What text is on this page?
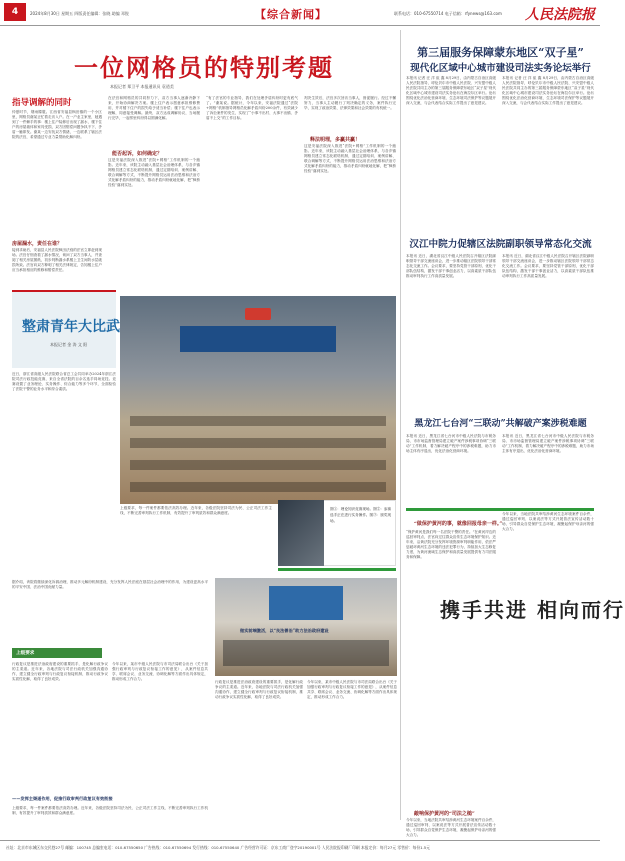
4	2024年8月30日 星期五 四版责任编辑：张晓 助编 邓锐	【综合新闻】	联系电话：010-67550714 电子信箱：rfynews@163.com 人民法院报
一位网格员的特别考题
本报记者 郑卫平 本报通讯员 袁道美
指导调解的同时
仲夏时节，烟雨朦胧。江西省安福县枫田镇的一个小区里，网格员谢某正忙着走访入户。在一户业主家里，她遇到了一件棘手的事：楼上住户装修后出现了漏水，楼下住户的房屋墙体和家具受损，双方因赔偿问题争执不下，矛盾一触即发。谢某一边安抚双方情绪，一边联系了辖区法院的法官，希望通过专业力量帮助化解纠纷。
房屋漏水，责任在谁？
接到求助后，安福县人民法院枫田法庭的法官立即赶到现场。法官仔细查看了漏水情况，询问了双方当事人，并查阅了相关房屋图纸，初步判断漏水系楼上卫生间防水层破损所致。法官向双方释明了相关法律规定，告知楼上住户应当承担相应的维修和赔偿责任。
在法官和网格员的共同努力下，双方当事人逐渐冷静下来，开始协商解决方案。楼上住户表示愿意承担维修费用，并对楼下住户的损失给予适当补偿；楼下住户也表示理解，同意接受调解。最终，双方达成调解协议，当场履行完毕，一起邻里纠纷得以圆满化解。
能否起诉，如何确定？
这是安福法院深入推进“法院+网格”工作机制的一个缩影。近年来，该院主动融入基层社会治理体系，与各乡镇网格员建立常态化联络机制，通过定期培训、案例讲解、联合调解等方式，不断提升网格员运用法治思维和法治方式化解矛盾纠纷的能力，推动矛盾纠纷就地化解，把“枫桥经验”落到实处。
“有了法官的专业指导，我们在处理矛盾纠纷时更有底气了。”谢某说。据统计，今年以来，安福法院通过“法院+网格”机制指导网格员化解矛盾纠纷200余件，有效减少了诉讼案件的发生，实现了“小事不出村、大事不出镇、矛盾不上交”的工作目标。
判决生效后，法官多次回访当事人，督促履行。经过不懈努力，当事人主动履行了判决确定的义务，案件执行完毕，实现了政治效果、法律效果和社会效果的有机统一。
释法明理，多赢共赢！
这是安福法院深入推进“法院+网格”工作机制的一个缩影。近年来，该院主动融入基层社会治理体系，与各乡镇网格员建立常态化联络机制，通过定期培训、案例讲解、联合调解等方式，不断提升网格员运用法治思维和法治方式化解矛盾纠纷的能力，推动矛盾纠纷就地化解，把“枫桥经验”落到实处。
整肃青年大比武
本报记者 金 涛 文 阳
近日，浙江省高级人民法院联合省总工会共同举办2024年浙江法院司法行政技能竞赛，来自全省法院的百余名选手同场竞技。竞赛设置了业务理论、实务操作、综合能力等多个环节，全面检验了法院干警的业务水平和综合素质。
上级要求，每一件案件都要依法高效办理。近年来，各级法院坚持司法为民、公正司法工作主线，不断完善审判执行工作机制，有效提升了审判质效和群众满意度。
图①：理论知识竞赛现场。图②：参赛选手正在进行实务操作。图③：颁奖现场。
上级要求
据介绍，该院将继续深化诉源治理，推动多元解纷机制建设，充分发挥人民法庭在基层社会治理中的作用，为建设更高水平的平安中国、法治中国贡献力量。
行政复议是推进法治政府建设的重要抓手，是化解行政争议的主渠道。近年来，各地法院与司法行政机关加强沟通协作，建立健全行政审判与行政复议衔接机制，推动行政争议实质性化解，取得了良好成效。
今年以来，某市中级人民法院与市司法局联合出台《关于加强行政审判与行政复议衔接工作的意见》，从案件信息共享、联席会议、业务交流、协调化解等方面作出具体规定，推动形成工作合力。
携手共进 相向而行
——发挥主渠道作用，促推行政审判行政复议有效衔接
做实前端激活，以“良法善治”助力法治政府建设
行政复议是推进法治政府建设的重要抓手，是化解行政争议的主渠道。近年来，各地法院与司法行政机关加强沟通协作，建立健全行政审判与行政复议衔接机制，推动行政争议实质性化解，取得了良好成效。
今年以来，某市中级人民法院与市司法局联合出台《关于加强行政审判与行政复议衔接工作的意见》，从案件信息共享、联席会议、业务交流、协调化解等方面作出具体规定，推动形成工作合力。
上级要求，每一件案件都要依法高效办理。近年来，各级法院坚持司法为民、公正司法工作主线，不断完善审判执行工作机制，有效提升了审判质效和群众满意度。
第三届服务保障蒙东地区“双子星”
现代化区域中心城市建设司法实务论坛举行
本报讯 记者 汪 洋 崔 鑫 8月29日，由内蒙古自治区高级人民法院指导，呼伦贝尔市中级人民法院、兴安盟中级人民法院共同主办的第三届服务保障蒙东地区“双子星”现代化区域中心城市建设司法实务论坛在海拉尔区举行。论坛围绕优化法治化营商环境、生态环境司法保护等议题展开深入交流，与会代表结合实际工作提出了意见建议。
本报讯 记者 汪 洋 崔 鑫 8月29日，由内蒙古自治区高级人民法院指导，呼伦贝尔市中级人民法院、兴安盟中级人民法院共同主办的第三届服务保障蒙东地区“双子星”现代化区域中心城市建设司法实务论坛在海拉尔区举行。论坛围绕优化法治化营商环境、生态环境司法保护等议题展开深入交流，与会代表结合实际工作提出了意见建议。
汉江中院力促辖区法院副职领导常态化交流
本报讯 近日，湖北省汉江中级人民法院召开辖区法院副职领导干部交流座谈会，进一步推动辖区法院领导干部常态化交流工作。会议要求，要坚持党管干部原则，优化干部队伍结构，激发干部干事创业活力，以高素质干部队伍推动审判执行工作高质量发展。
本报讯 近日，湖北省汉江中级人民法院召开辖区法院副职领导干部交流座谈会，进一步推动辖区法院领导干部常态化交流工作。会议要求，要坚持党管干部原则，优化干部队伍结构，激发干部干事创业活力，以高素质干部队伍推动审判执行工作高质量发展。
黑龙江七台河“三联动”共解破产案涉税难题
本报讯 近日，黑龙江省七台河市中级人民法院与市税务局、市市场监督管理局建立破产案件涉税事项协调“三联动”工作机制，着力解决破产程序中的涉税难题，助力市场主体有序退出，优化法治化营商环境。
本报讯 近日，黑龙江省七台河市中级人民法院与市税务局、市市场监督管理局建立破产案件涉税事项协调“三联动”工作机制，着力解决破产程序中的涉税难题，助力市场主体有序退出，优化法治化营商环境。
“做保护黄河的事，就像回报母亲一样。”
“保护黄河是我们每一名法院干警的责任。”在黄河岸边的巡回审判点，法官向过往群众宣传生态环境保护知识。近年来，沿黄法院充分发挥环境资源审判职能作用，依法严惩破坏黄河生态环境的违法犯罪行为，持续加大生态修复力度，为黄河流域生态保护和高质量发展提供有力司法服务和保障。
今年以来，当地法院共审结涉黄河生态环境案件百余件，通过巡回审判、以案说法等方式开展普法宣传活动数十场，引导群众自觉保护生态环境，凝聚起保护母亲河的强大合力。
敲响保护黄河的“司法之槌”
今年以来，当地法院共审结涉黄河生态环境案件百余件，通过巡回审判、以案说法等方式开展普法宣传活动数十场，引导群众自觉保护生态环境，凝聚起保护母亲河的强大合力。
社址：北京市东城区东交民巷27号 邮编：100745 总编室电话：010-67550650 广告热线：010-67550694 发行热线：010-67550640 广告经营许可证：京东工商广登字20190001号 人民法院报印刷厂印刷 本报定价：每月27元 零售价：每份1.5元
